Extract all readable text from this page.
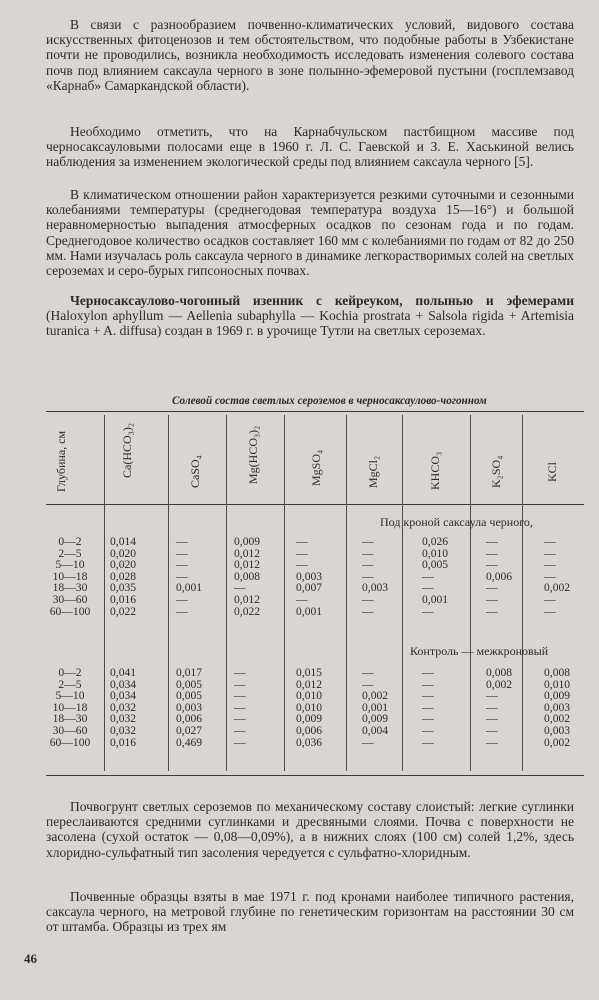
В связи с разнообразием почвенно-климатических условий, видового состава искусственных фитоценозов и тем обстоятельством, что подобные работы в Узбекистане почти не проводились, возникла необходимость исследовать изменения солевого состава почв под влиянием саксаула черного в зоне полынно-эфемеровой пустыни (госплемзавод «Карнаб» Самаркандской области).

Необходимо отметить, что на Карнабчульском пастбищном массиве под черносаксауловыми полосами еще в 1960 г. Л. С. Гаевской и З. Е. Хаськиной велись наблюдения за изменением экологической среды под влиянием саксаула черного [5].

В климатическом отношении район характеризуется резкими суточными и сезонными колебаниями температуры (среднегодовая температура воздуха 15—16°) и большой неравномерностью выпадения атмосферных осадков по сезонам года и по годам. Среднегодовое количество осадков составляет 160 мм с колебаниями по годам от 82 до 250 мм. Нами изучалась роль саксаула черного в динамике легкорастворимых солей на светлых сероземах и серо-бурых гипсоносных почвах.

Черносаксаулово-чогонный изенник с кейреуком, полынью и эфемерами (Haloxylon aphyllum — Aellenia subaphylla — Kochia prostrata + Salsola rigida + Artemisia turanica + A. diffusa) создан в 1969 г. в урочище Тутли на светлых сероземах.

Солевой состав светлых сероземов в черносаксаулово-чогонном
Глубина, см	Ca(HCO₃)₂	CaSO₄	Mg(HCO₃)₂	MgSO₄	MgCl₂	KHCO₃	K₂SO₄	KCl
Под кроной саксаула черного,
0—2	0,014	—	0,009	—	—	0,026	—	—
2—5	0,020	—	0,012	—	—	0,010	—	—
5—10	0,020	—	0,012	—	—	0,005	—	—
10—18	0,028	—	0,008	0,003	—	—	0,006	—
18—30	0,035	0,001	—	0,007	0,003	—	—	0,002
30—60	0,016	—	0,012	—	—	0,001	—	—
60—100	0,022	—	0,022	0,001	—	—	—	—
Контроль — межкроновый
0—2	0,041	0,017	—	0,015	—	—	0,008	0,008
2—5	0,034	0,005	—	0,012	—	—	0,002	0,010
5—10	0,034	0,005	—	0,010	0,002	—	—	0,009
10—18	0,032	0,003	—	0,010	0,001	—	—	0,003
18—30	0,032	0,006	—	0,009	0,009	—	—	0,002
30—60	0,032	0,027	—	0,006	0,004	—	—	0,003
60—100	0,016	0,469	—	0,036	—	—	—	0,002

Почвогрунт светлых сероземов по механическому составу слоистый: легкие суглинки переслаиваются средними суглинками и дресвяными слоями. Почва с поверхности не засолена (сухой остаток — 0,08—0,09%), а в нижних слоях (100 см) солей 1,2%, здесь хлоридно-сульфатный тип засоления чередуется с сульфатно-хлоридным.

Почвенные образцы взяты в мае 1971 г. под кронами наиболее типичного растения, саксаула черного, на метровой глубине по генетическим горизонтам на расстоянии 30 см от штамба. Образцы из трех ям

46
